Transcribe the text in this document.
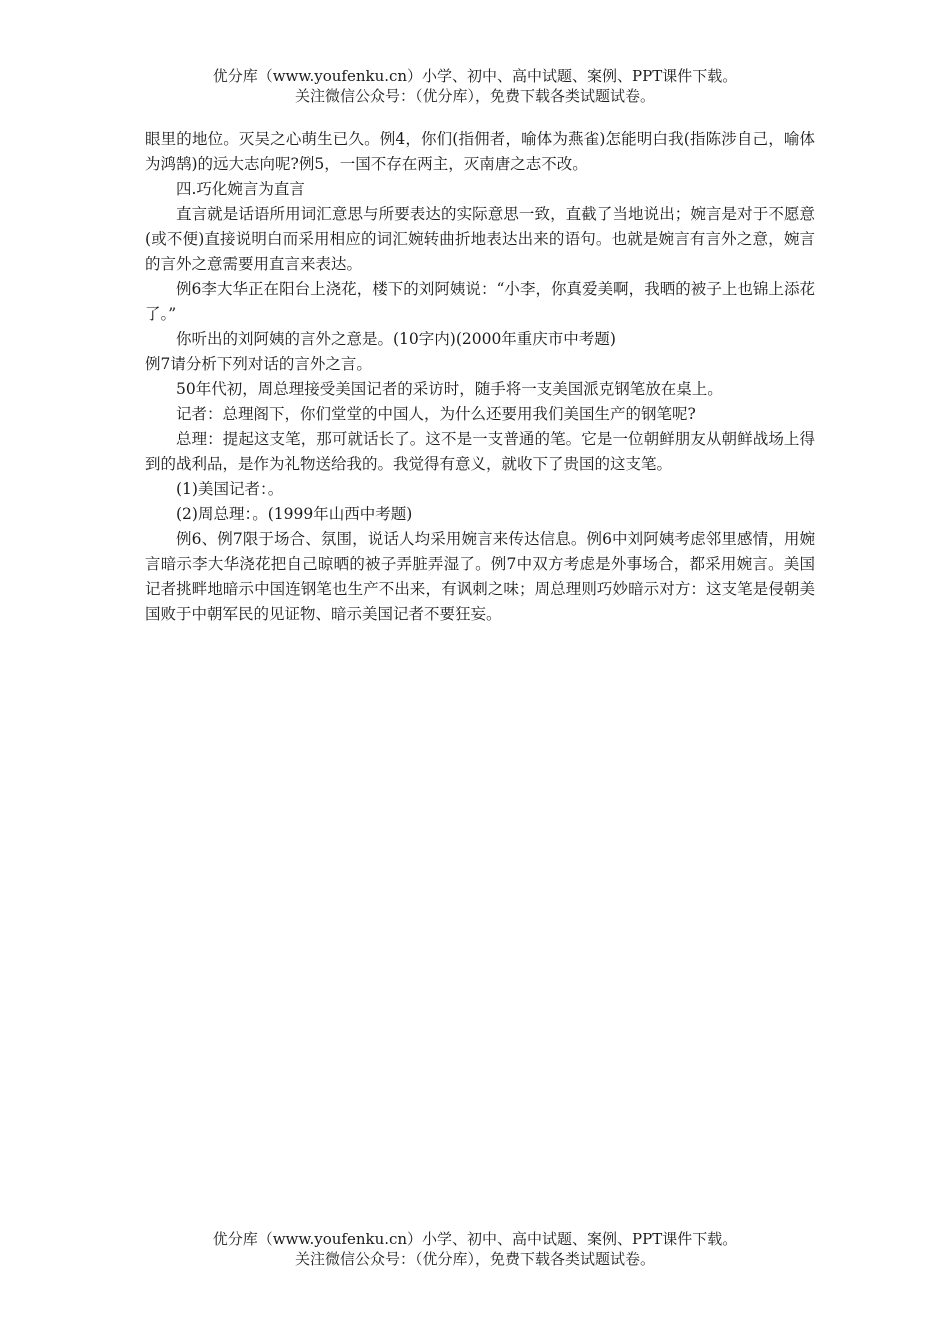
优分库（www.youfenku.cn）小学、初中、高中试题、案例、PPT课件下载。
关注微信公众号：（优分库），免费下载各类试题试卷。

眼里的地位。灭吴之心萌生已久。例4，你们(指佣者，喻体为燕雀)怎能明白我(指陈涉自己，喻体为鸿鹄)的远大志向呢?例5，一国不存在两主，灭南唐之志不改。

四.巧化婉言为直言

直言就是话语所用词汇意思与所要表达的实际意思一致，直截了当地说出；婉言是对于不愿意(或不便)直接说明白而采用相应的词汇婉转曲折地表达出来的语句。也就是婉言有言外之意，婉言的言外之意需要用直言来表达。

例6李大华正在阳台上浇花，楼下的刘阿姨说：“小李，你真爱美啊，我晒的被子上也锦上添花了。”

你听出的刘阿姨的言外之意是。(10字内)(2000年重庆市中考题)

例7请分析下列对话的言外之言。

50年代初，周总理接受美国记者的采访时，随手将一支美国派克钢笔放在桌上。

记者：总理阁下，你们堂堂的中国人，为什么还要用我们美国生产的钢笔呢?

总理：提起这支笔，那可就话长了。这不是一支普通的笔。它是一位朝鲜朋友从朝鲜战场上得到的战利品，是作为礼物送给我的。我觉得有意义，就收下了贵国的这支笔。

(1)美国记者：。

(2)周总理：。(1999年山西中考题)

例6、例7限于场合、氛围，说话人均采用婉言来传达信息。例6中刘阿姨考虑邻里感情，用婉言暗示李大华浇花把自己晾晒的被子弄脏弄湿了。例7中双方考虑是外事场合，都采用婉言。美国记者挑畔地暗示中国连钢笔也生产不出来，有讽刺之味；周总理则巧妙暗示对方：这支笔是侵朝美国败于中朝军民的见证物、暗示美国记者不要狂妄。

优分库（www.youfenku.cn）小学、初中、高中试题、案例、PPT课件下载。
关注微信公众号：（优分库），免费下载各类试题试卷。
